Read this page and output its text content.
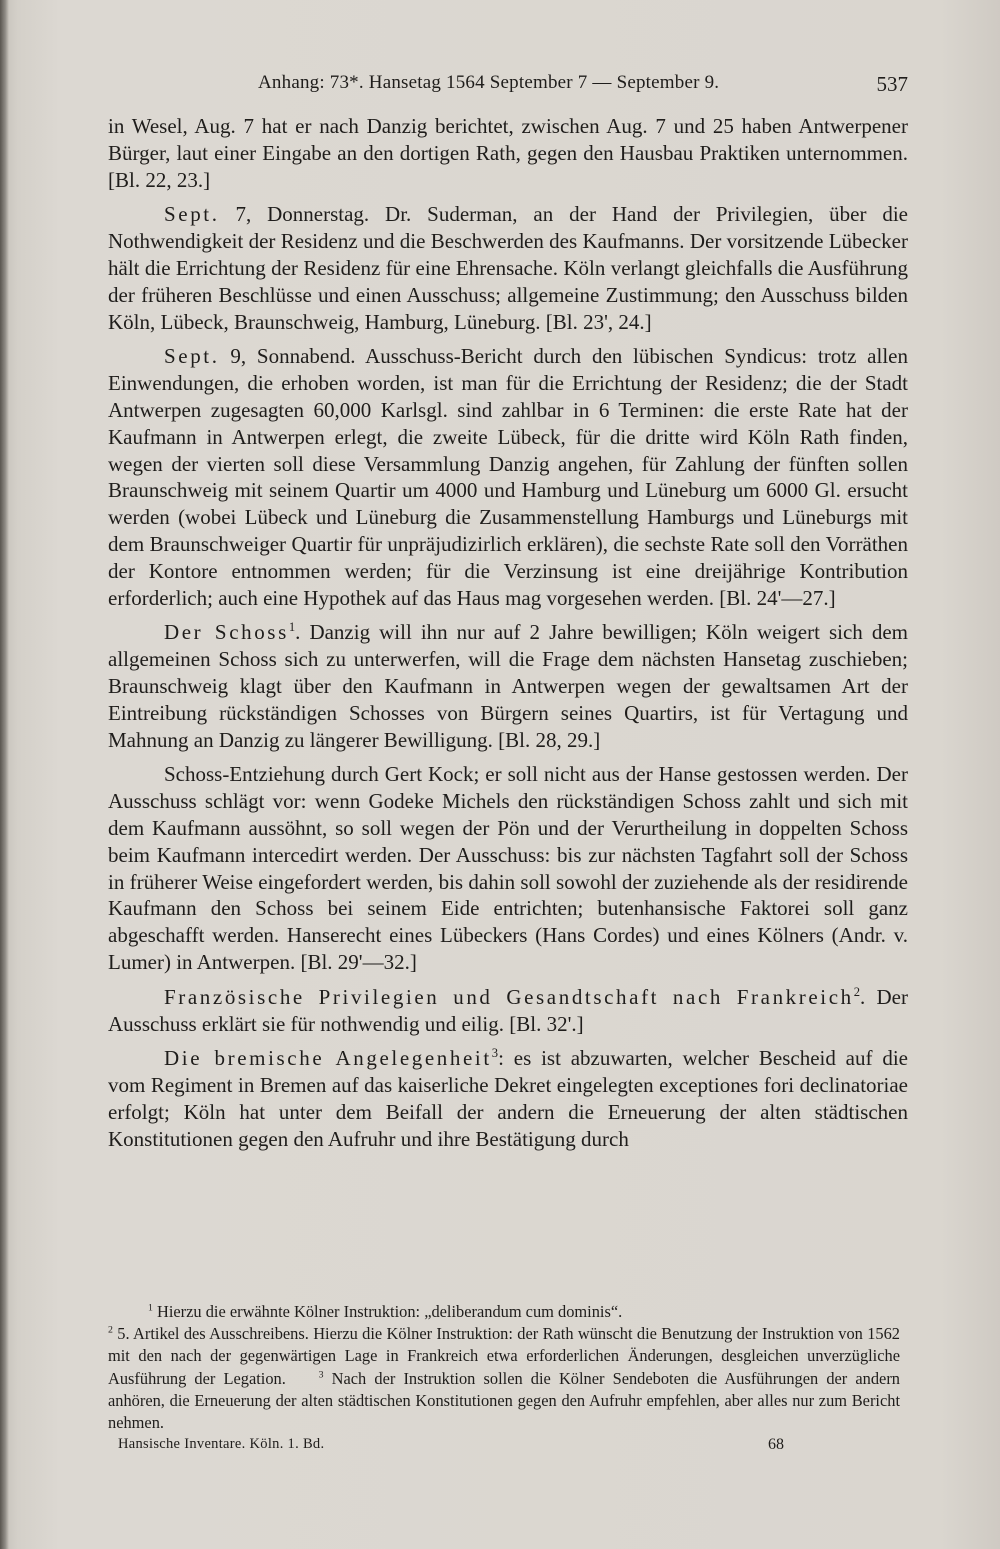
Anhang: 73*. Hansetag 1564 September 7 — September 9.	537

in Wesel, Aug. 7 hat er nach Danzig berichtet, zwischen Aug. 7 und 25 haben Antwerpener Bürger, laut einer Eingabe an den dortigen Rath, gegen den Hausbau Praktiken unternommen. [Bl. 22, 23.]

Sept. 7, Donnerstag. Dr. Suderman, an der Hand der Privilegien, über die Nothwendigkeit der Residenz und die Beschwerden des Kaufmanns. Der vorsitzende Lübecker hält die Errichtung der Residenz für eine Ehrensache. Köln verlangt gleichfalls die Ausführung der früheren Beschlüsse und einen Ausschuss; allgemeine Zustimmung; den Ausschuss bilden Köln, Lübeck, Braunschweig, Hamburg, Lüneburg. [Bl. 23', 24.]

Sept. 9, Sonnabend. Ausschuss-Bericht durch den lübischen Syndicus: trotz allen Einwendungen, die erhoben worden, ist man für die Errichtung der Residenz; die der Stadt Antwerpen zugesagten 60,000 Karlsgl. sind zahlbar in 6 Terminen: die erste Rate hat der Kaufmann in Antwerpen erlegt, die zweite Lübeck, für die dritte wird Köln Rath finden, wegen der vierten soll diese Versammlung Danzig angehen, für Zahlung der fünften sollen Braunschweig mit seinem Quartir um 4000 und Hamburg und Lüneburg um 6000 Gl. ersucht werden (wobei Lübeck und Lüneburg die Zusammenstellung Hamburgs und Lüneburgs mit dem Braunschweiger Quartir für unpräjudizirlich erklären), die sechste Rate soll den Vorräthen der Kontore entnommen werden; für die Verzinsung ist eine dreijährige Kontribution erforderlich; auch eine Hypothek auf das Haus mag vorgesehen werden. [Bl. 24'—27.]

Der Schoss$^1$. Danzig will ihn nur auf 2 Jahre bewilligen; Köln weigert sich dem allgemeinen Schoss sich zu unterwerfen, will die Frage dem nächsten Hansetag zuschieben; Braunschweig klagt über den Kaufmann in Antwerpen wegen der gewaltsamen Art der Eintreibung rückständigen Schosses von Bürgern seines Quartirs, ist für Vertagung und Mahnung an Danzig zu längerer Bewilligung. [Bl. 28, 29.]

Schoss-Entziehung durch Gert Kock; er soll nicht aus der Hanse gestossen werden. Der Ausschuss schlägt vor: wenn Godeke Michels den rückständigen Schoss zahlt und sich mit dem Kaufmann aussöhnt, so soll wegen der Pön und der Verurtheilung in doppelten Schoss beim Kaufmann intercedirt werden. Der Ausschuss: bis zur nächsten Tagfahrt soll der Schoss in früherer Weise eingefordert werden, bis dahin soll sowohl der zuziehende als der residirende Kaufmann den Schoss bei seinem Eide entrichten; butenhansische Faktorei soll ganz abgeschafft werden. Hanserecht eines Lübeckers (Hans Cordes) und eines Kölners (Andr. v. Lumer) in Antwerpen. [Bl. 29'—32.]

Französische Privilegien und Gesandtschaft nach Frankreich$^2$. Der Ausschuss erklärt sie für nothwendig und eilig. [Bl. 32'.]

Die bremische Angelegenheit$^3$: es ist abzuwarten, welcher Bescheid auf die vom Regiment in Bremen auf das kaiserliche Dekret eingelegten exceptiones fori declinatoriae erfolgt; Köln hat unter dem Beifall der andern die Erneuerung der alten städtischen Konstitutionen gegen den Aufruhr und ihre Bestätigung durch

$^1$ Hierzu die erwähnte Kölner Instruktion: „deliberandum cum dominis“.

$^2$ 5. Artikel des Ausschreibens. Hierzu die Kölner Instruktion: der Rath wünscht die Benutzung der Instruktion von 1562 mit den nach der gegenwärtigen Lage in Frankreich etwa erforderlichen Änderungen, desgleichen unverzügliche Ausführung der Legation.  	$^3$ Nach der Instruktion sollen die Kölner Sendeboten die Ausführungen der andern anhören, die Erneuerung der alten städtischen Konstitutionen gegen den Aufruhr empfehlen, aber alles nur zum Bericht nehmen.

Hansische Inventare. Köln. 1. Bd.	68
